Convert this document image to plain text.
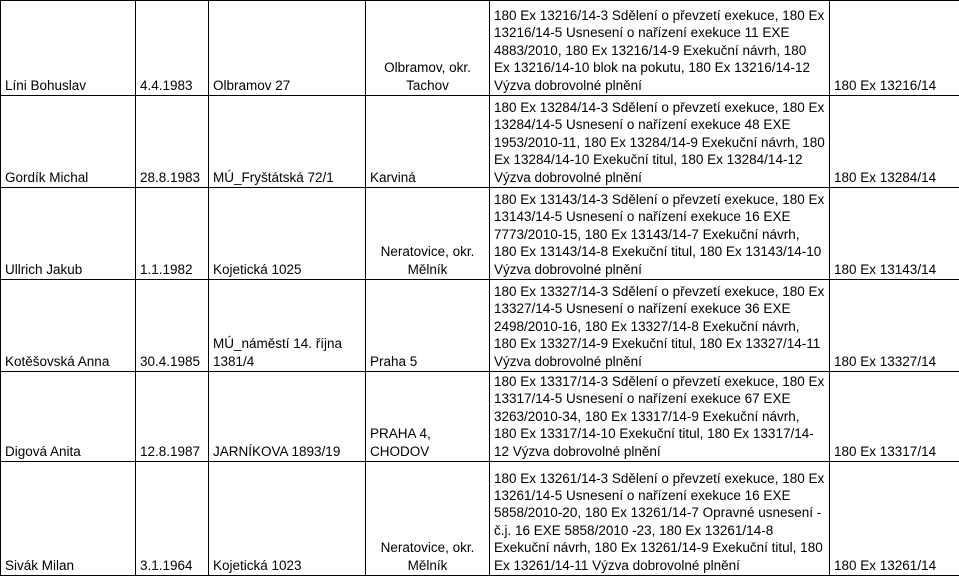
Líni Bohuslav	4.4.1983	Olbramov 27	Olbramov, okr. Tachov	180 Ex 13216/14-3 Sdělení o převzetí exekuce, 180 Ex 13216/14-5 Usnesení o nařízení exekuce 11 EXE 4883/2010, 180 Ex 13216/14-9 Exekuční návrh, 180 Ex 13216/14-10 blok na pokutu, 180 Ex 13216/14-12 Výzva dobrovolné plnění	180 Ex 13216/14
Gordík Michal	28.8.1983	MÚ_Fryštátská 72/1	Karviná	180 Ex 13284/14-3 Sdělení o převzetí exekuce, 180 Ex 13284/14-5 Usnesení o nařízení exekuce 48 EXE 1953/2010-11, 180 Ex 13284/14-9 Exekuční návrh, 180 Ex 13284/14-10 Exekuční titul, 180 Ex 13284/14-12 Výzva dobrovolné plnění	180 Ex 13284/14
Ullrich Jakub	1.1.1982	Kojetická 1025	Neratovice, okr. Mělník	180 Ex 13143/14-3 Sdělení o převzetí exekuce, 180 Ex 13143/14-5 Usnesení o nařízení exekuce 16 EXE 7773/2010-15, 180 Ex 13143/14-7 Exekuční návrh, 180 Ex 13143/14-8 Exekuční titul, 180 Ex 13143/14-10 Výzva dobrovolné plnění	180 Ex 13143/14
Kotěšovská Anna	30.4.1985	MÚ_náměstí 14. října 1381/4	Praha 5	180 Ex 13327/14-3 Sdělení o převzetí exekuce, 180 Ex 13327/14-5 Usnesení o nařízení exekuce 36 EXE 2498/2010-16, 180 Ex 13327/14-8 Exekuční návrh, 180 Ex 13327/14-9 Exekuční titul, 180 Ex 13327/14-11 Výzva dobrovolné plnění	180 Ex 13327/14
Digová Anita	12.8.1987	JARNÍKOVA 1893/19	PRAHA 4, CHODOV	180 Ex 13317/14-3 Sdělení o převzetí exekuce, 180 Ex 13317/14-5 Usnesení o nařízení exekuce 67 EXE 3263/2010-34, 180 Ex 13317/14-9 Exekuční návrh, 180 Ex 13317/14-10 Exekuční titul, 180 Ex 13317/14-12 Výzva dobrovolné plnění	180 Ex 13317/14
Sivák Milan	3.1.1964	Kojetická 1023	Neratovice, okr. Mělník	180 Ex 13261/14-3 Sdělení o převzetí exekuce, 180 Ex 13261/14-5 Usnesení o nařízení exekuce 16 EXE 5858/2010-20, 180 Ex 13261/14-7 Opravné usnesení - č.j. 16 EXE 5858/2010 -23, 180 Ex 13261/14-8 Exekuční návrh, 180 Ex 13261/14-9 Exekuční titul, 180 Ex 13261/14-11 Výzva dobrovolné plnění	180 Ex 13261/14
